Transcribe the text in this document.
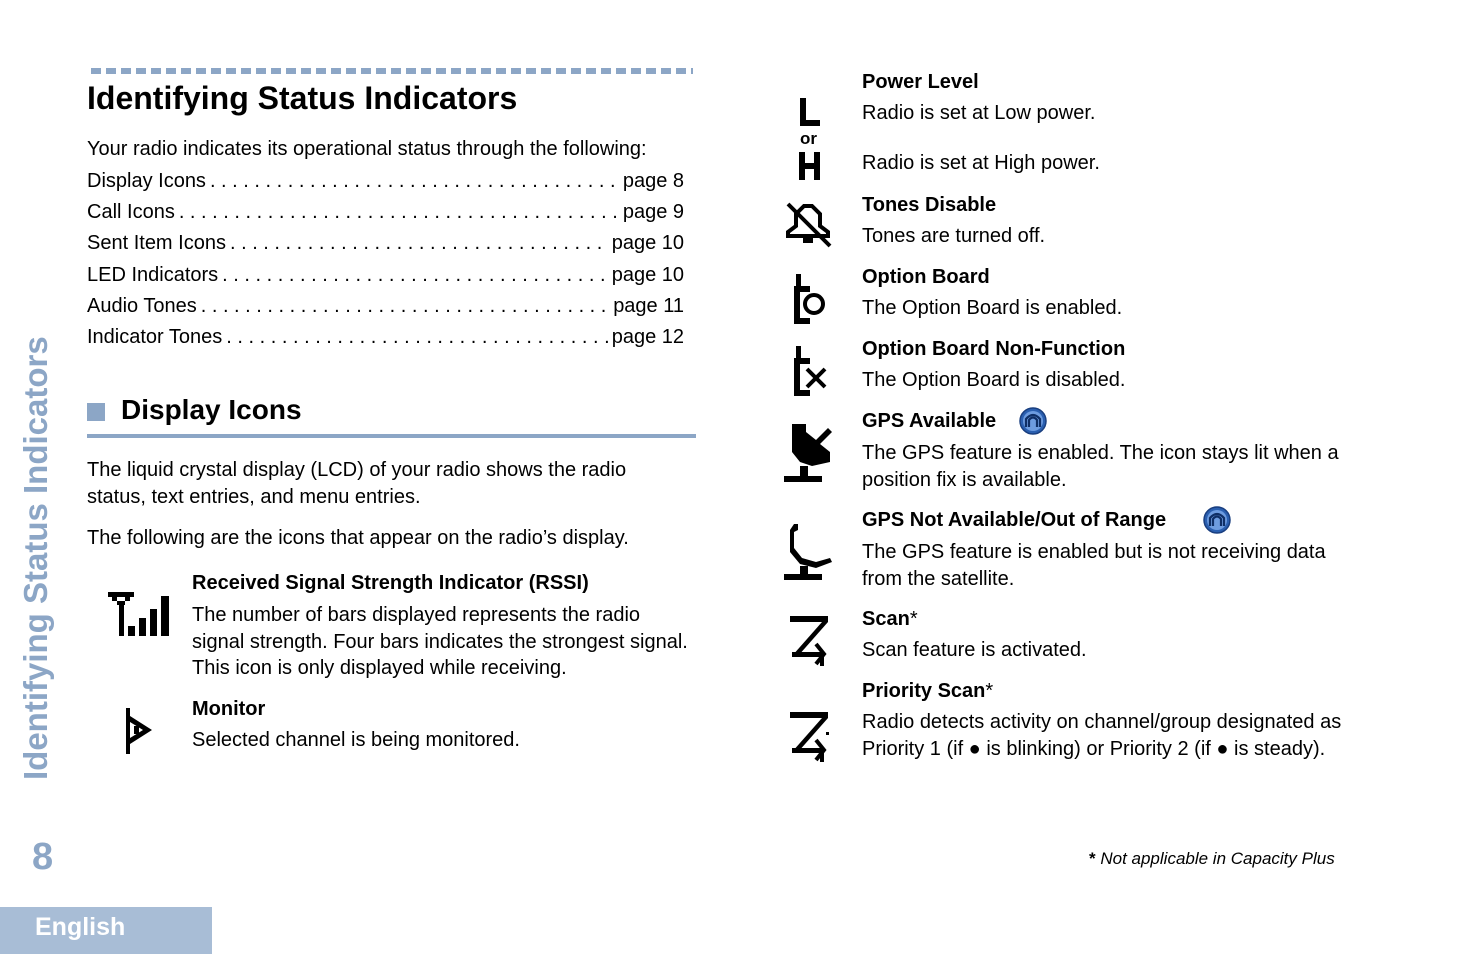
Identifying Status Indicators
8
English
Identifying Status Indicators
Your radio indicates its operational status through the following:
Display Icons . . .	page 8
Call Icons . . .	page 9
Sent Item Icons . . .	page 10
LED Indicators . . .	page 10
Audio Tones . . .	page 11
Indicator Tones . . .	page 12
Display Icons
The liquid crystal display (LCD) of your radio shows the radio status, text entries, and menu entries.
The following are the icons that appear on the radio’s display.
Received Signal Strength Indicator (RSSI)
The number of bars displayed represents the radio signal strength. Four bars indicates the strongest signal. This icon is only displayed while receiving.
Monitor
Selected channel is being monitored.
or
Power Level
Radio is set at Low power.
Radio is set at High power.
Tones Disable
Tones are turned off.
Option Board
The Option Board is enabled.
Option Board Non-Function
The Option Board is disabled.
GPS Available
The GPS feature is enabled. The icon stays lit when a position fix is available.
GPS Not Available/Out of Range
The GPS feature is enabled but is not receiving data from the satellite.
Scan*
Scan feature is activated.
Priority Scan*
Radio detects activity on channel/group designated as Priority 1 (if ● is blinking) or Priority 2 (if ● is steady).
* Not applicable in Capacity Plus
